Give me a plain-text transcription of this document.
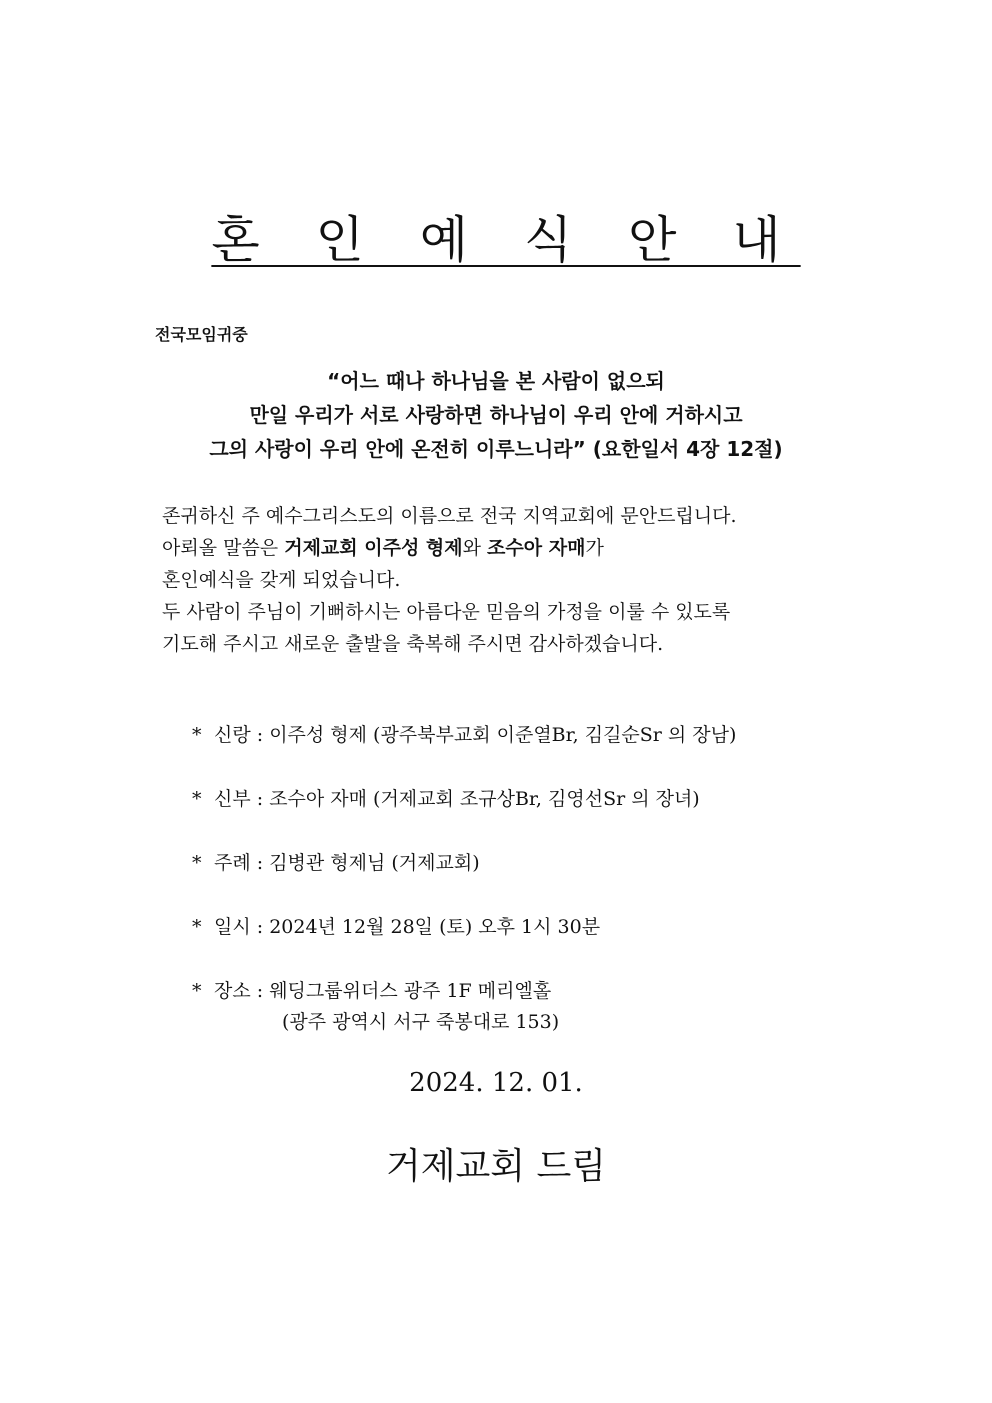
혼 인 예 식 안 내
전국모임귀중
“어느 때나 하나님을 본 사람이 없으되
만일 우리가 서로 사랑하면 하나님이 우리 안에 거하시고
그의 사랑이 우리 안에 온전히 이루느니라” (요한일서 4장 12절)
존귀하신 주 예수그리스도의 이름으로 전국 지역교회에 문안드립니다.
아뢰올 말씀은 거제교회 이주성 형제와 조수아 자매가
혼인예식을 갖게 되었습니다.
두 사람이 주님이 기뻐하시는 아름다운 믿음의 가정을 이룰 수 있도록
기도해 주시고 새로운 출발을 축복해 주시면 감사하겠습니다.
* 신랑 : 이주성 형제 (광주북부교회 이준열Br, 김길순Sr 의 장남)
* 신부 : 조수아 자매 (거제교회 조규상Br, 김영선Sr 의 장녀)
* 주례 : 김병관 형제님 (거제교회)
* 일시 : 2024년 12월 28일 (토) 오후 1시 30분
* 장소 : 웨딩그룹위더스 광주 1F 메리엘홀
(광주 광역시 서구 죽봉대로 153)
2024. 12. 01.
거제교회 드림
